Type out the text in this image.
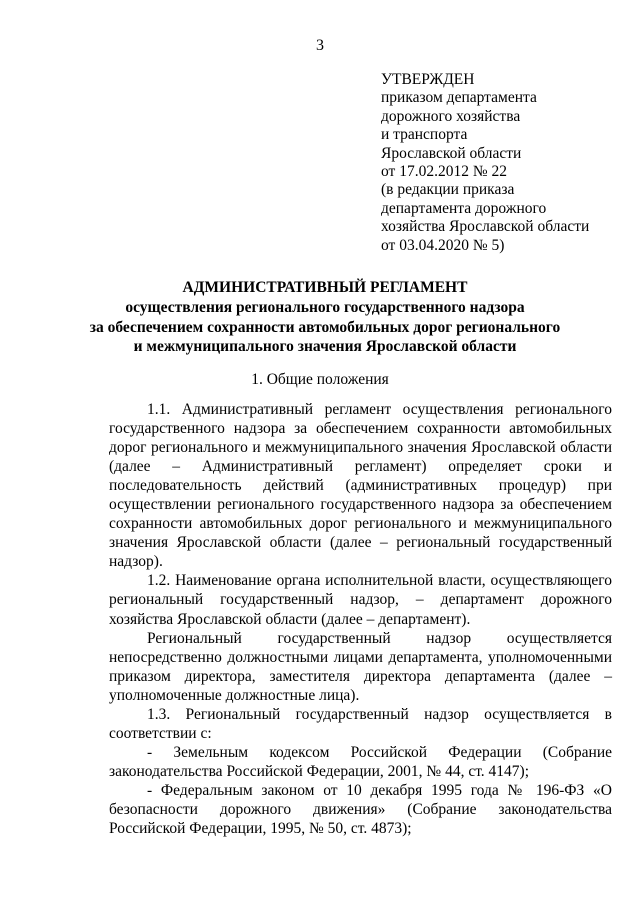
3
УТВЕРЖДЕН
приказом департамента
дорожного хозяйства
и транспорта
Ярославской области
от 17.02.2012 № 22
(в редакции приказа
департамента дорожного
хозяйства Ярославской области
от 03.04.2020 № 5)
АДМИНИСТРАТИВНЫЙ РЕГЛАМЕНТ
осуществления регионального государственного надзора
за обеспечением сохранности автомобильных дорог регионального
и межмуниципального значения Ярославской области
1. Общие положения

1.1. Административный регламент осуществления регионального государственного надзора за обеспечением сохранности автомобильных дорог регионального и межмуниципального значения Ярославской области (далее – Административный регламент) определяет сроки и последовательность действий (административных процедур) при осуществлении регионального государственного надзора за обеспечением сохранности автомобильных дорог регионального и межмуниципального значения Ярославской области (далее – региональный государственный надзор).

1.2. Наименование органа исполнительной власти, осуществляющего региональный государственный надзор, – департамент дорожного хозяйства Ярославской области (далее – департамент).

Региональный государственный надзор осуществляется непосредственно должностными лицами департамента, уполномоченными приказом директора, заместителя директора департамента (далее – уполномоченные должностные лица).

1.3. Региональный государственный надзор осуществляется в соответствии с:

- Земельным кодексом Российской Федерации (Собрание законодательства Российской Федерации, 2001, № 44, ст. 4147);

- Федеральным законом от 10 декабря 1995 года № 196-ФЗ «О безопасности дорожного движения» (Собрание законодательства Российской Федерации, 1995, № 50, ст. 4873);
